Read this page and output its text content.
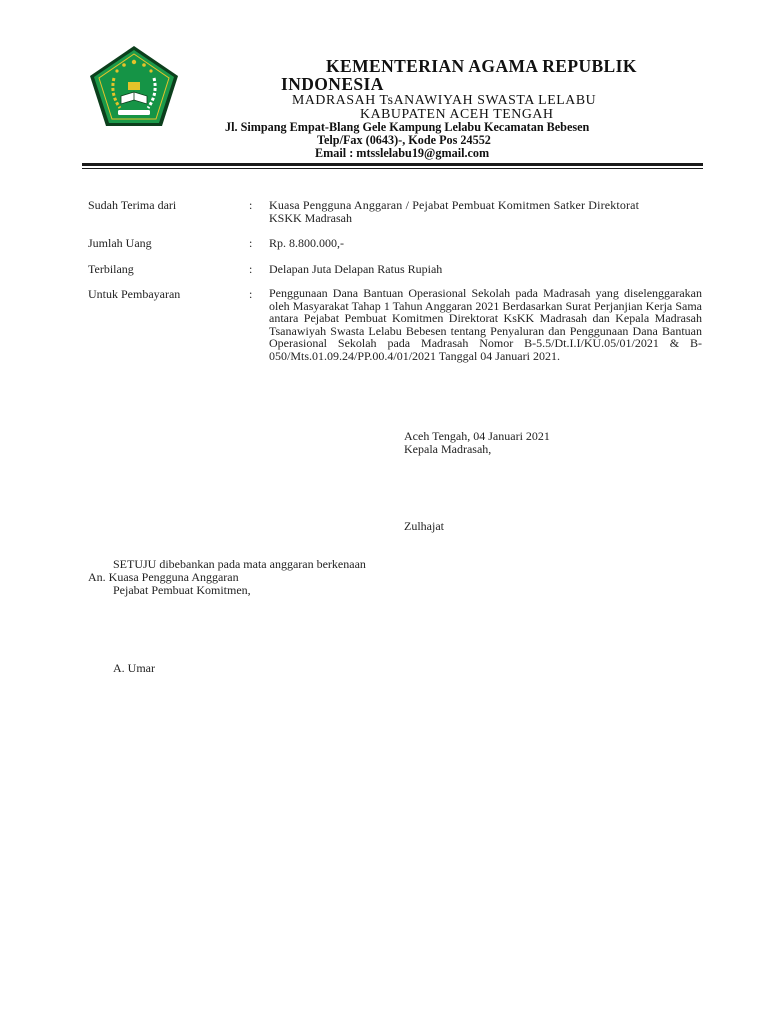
KEMENTERIAN AGAMA REPUBLIK
INDONESIA
MADRASAH TsANAWIYAH SWASTA LELABU
KABUPATEN ACEH TENGAH
Jl. Simpang Empat-Blang Gele Kampung Lelabu Kecamatan Bebesen
Telp/Fax (0643)-, Kode Pos 24552
Email : mtsslelabu19@gmail.com
Sudah Terima dari	: Kuasa Pengguna Anggaran / Pejabat Pembuat Komitmen Satker Direktorat
KSKK Madrasah
Jumlah Uang	: Rp. 8.800.000,-
Terbilang	: Delapan Juta Delapan Ratus Rupiah
Untuk Pembayaran	: Penggunaan Dana Bantuan Operasional Sekolah pada Madrasah yang diselenggarakan oleh Masyarakat Tahap 1 Tahun Anggaran 2021 Berdasarkan Surat Perjanjian Kerja Sama antara Pejabat Pembuat Komitmen Direktorat KsKK Madrasah dan Kepala Madrasah Tsanawiyah Swasta Lelabu Bebesen tentang Penyaluran dan Penggunaan Dana Bantuan Operasional Sekolah pada Madrasah Nomor B-5.5/Dt.I.I/KU.05/01/2021 & B-050/Mts.01.09.24/PP.00.4/01/2021 Tanggal 04 Januari 2021.
Aceh Tengah, 04 Januari 2021
Kepala Madrasah,
Zulhajat
SETUJU dibebankan pada mata anggaran berkenaan
An. Kuasa Pengguna Anggaran
Pejabat Pembuat Komitmen,
A. Umar
